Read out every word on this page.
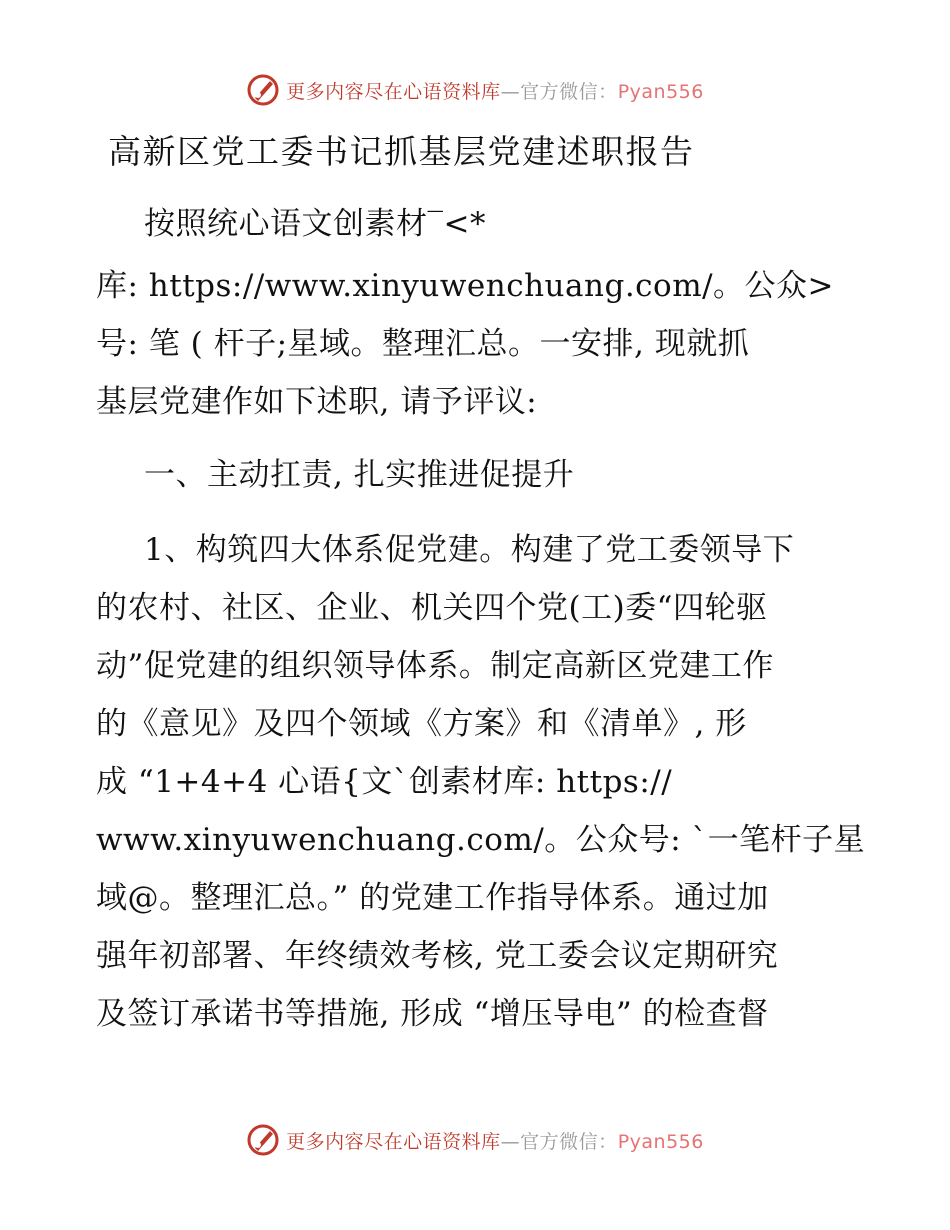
更多内容尽在心语资料库—官方微信：Pyan556
高新区党工委书记抓基层党建述职报告

按照统心语文创素材‾<*

库: https://www.xinyuwenchuang.com/。公众>

号: 笔 ( 杆子;星域。整理汇总。一安排, 现就抓

基层党建作如下述职, 请予评议:

一、主动扛责, 扎实推进促提升

1、构筑四大体系促党建。构建了党工委领导下

的农村、社区、企业、机关四个党(工)委“四轮驱

动”促党建的组织领导体系。制定高新区党建工作

的《意见》及四个领域《方案》和《清单》, 形

成 “1+4+4 心语{文ˋ创素材库: https://

www.xinyuwenchuang.com/。公众号: ˋ一笔杆子星

域@。整理汇总。” 的党建工作指导体系。通过加

强年初部署、年终绩效考核, 党工委会议定期研究

及签订承诺书等措施, 形成 “增压导电” 的检查督

更多内容尽在心语资料库—官方微信：Pyan556
